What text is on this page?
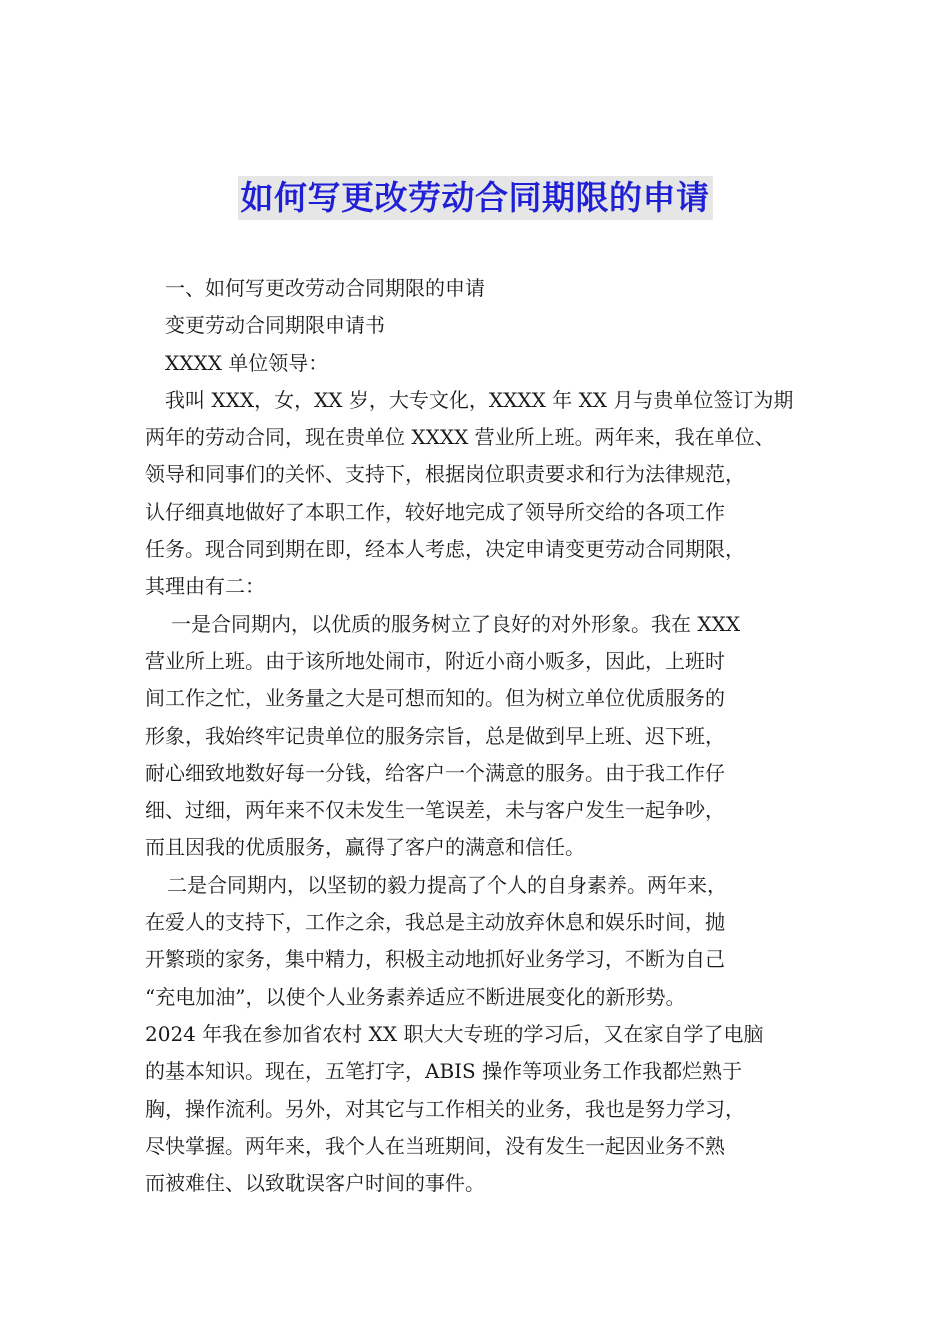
如何写更改劳动合同期限的申请

一、如何写更改劳动合同期限的申请

变更劳动合同期限申请书

XXXX 单位领导：

我叫 XXX，女，XX 岁，大专文化，XXXX 年 XX 月与贵单位签订为期

两年的劳动合同，现在贵单位 XXXX 营业所上班。两年来，我在单位、

领导和同事们的关怀、支持下，根据岗位职责要求和行为法律规范，

认仔细真地做好了本职工作，较好地完成了领导所交给的各项工作

任务。现合同到期在即，经本人考虑，决定申请变更劳动合同期限，

其理由有二：

一是合同期内，以优质的服务树立了良好的对外形象。我在 XXX

营业所上班。由于该所地处闹市，附近小商小贩多，因此，上班时

间工作之忙，业务量之大是可想而知的。但为树立单位优质服务的

形象，我始终牢记贵单位的服务宗旨，总是做到早上班、迟下班，

耐心细致地数好每一分钱，给客户一个满意的服务。由于我工作仔

细、过细，两年来不仅未发生一笔误差，未与客户发生一起争吵，

而且因我的优质服务，赢得了客户的满意和信任。

二是合同期内，以坚韧的毅力提高了个人的自身素养。两年来，

在爱人的支持下，工作之余，我总是主动放弃休息和娱乐时间，抛

开繁琐的家务，集中精力，积极主动地抓好业务学习，不断为自己

“充电加油”，以使个人业务素养适应不断进展变化的新形势。

2024 年我在参加省农村 XX 职大大专班的学习后，又在家自学了电脑

的基本知识。现在，五笔打字，ABIS 操作等项业务工作我都烂熟于

胸，操作流利。另外，对其它与工作相关的业务，我也是努力学习，

尽快掌握。两年来，我个人在当班期间，没有发生一起因业务不熟

而被难住、以致耽误客户时间的事件。
